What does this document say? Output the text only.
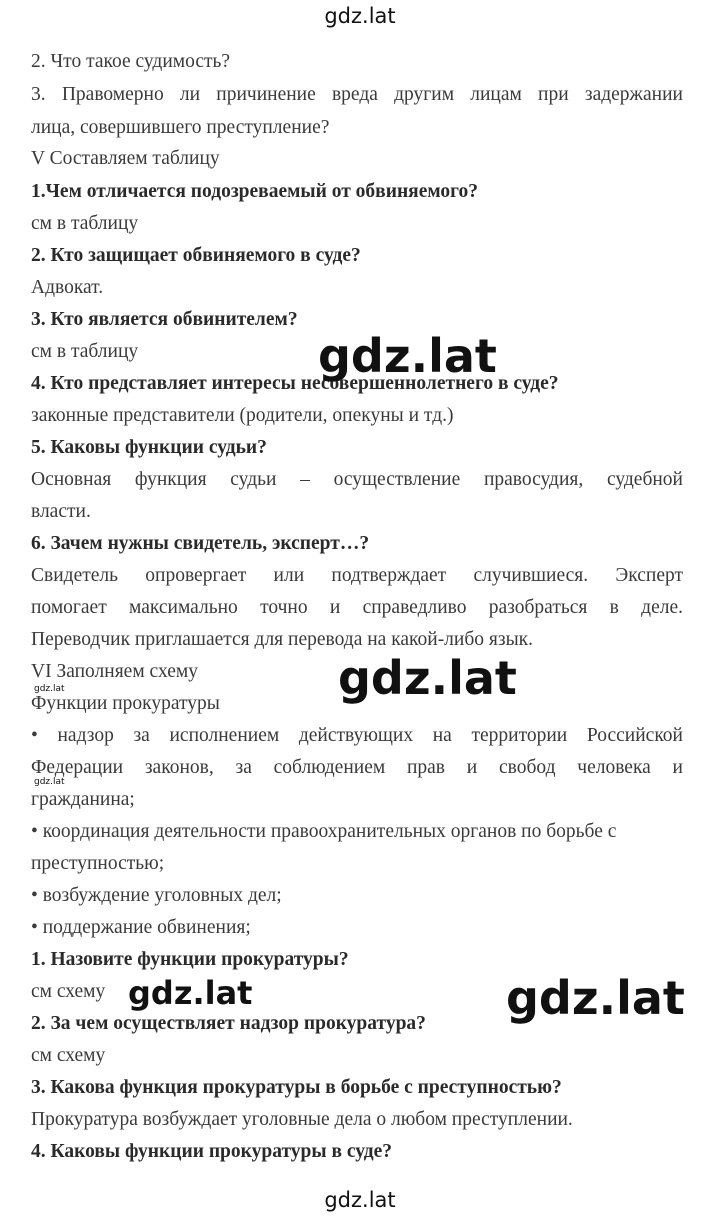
gdz.lat
2. Что такое судимость?
3. Правомерно ли причинение вреда другим лицам при задержании
лица, совершившего преступление?
V Составляем таблицу
1.Чем отличается подозреваемый от обвиняемого?
см в таблицу
2. Кто защищает обвиняемого в суде?
Адвокат.
3. Кто является обвинителем?
см в таблицу
4. Кто представляет интересы несовершеннолетнего в суде?
законные представители (родители, опекуны и тд.)
5. Каковы функции судьи?
Основная функция судьи – осуществление правосудия, судебной
власти.
6. Зачем нужны свидетель, эксперт…?
Свидетель опровергает или подтверждает случившиеся. Эксперт
помогает максимально точно и справедливо разобраться в деле.
Переводчик приглашается для перевода на какой-либо язык.
VI Заполняем схему
Функции прокуратуры
• надзор за исполнением действующих на территории Российской
Федерации законов, за соблюдением прав и свобод человека и
гражданина;
• координация деятельности правоохранительных органов по борьбе с
преступностью;
• возбуждение уголовных дел;
• поддержание обвинения;
1. Назовите функции прокуратуры?
см схему
2. За чем осуществляет надзор прокуратура?
см схему
3. Какова функция прокуратуры в борьбе с преступностью?
Прокуратура возбуждает уголовные дела о любом преступлении.
4. Каковы функции прокуратуры в суде?
gdz.lat
gdz.lat
gdz.lat	gdz.lat
gdz.lat
gdz.lat
gdz.lat
